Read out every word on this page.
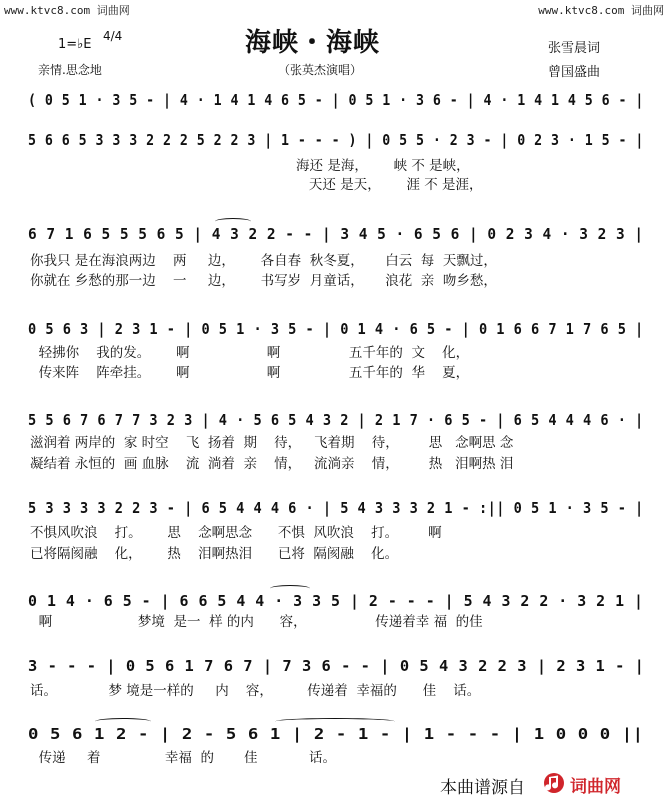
www.ktvc8.com 词曲网	www.ktvc8.com 词曲网
海峡・海峡
1=♭E
4/4
亲情.思念地	（张英杰演唱）
张雪晨词
曾国盛曲
( 0 5 1 · 3 5 - | 4 · 1 4 1 4 6 5 - | 0 5 1 · 3 6 - | 4 · 1 4 1 4 5 6 - |
5 6 6 5 3 3 3 2 2 2 5 2 2 3 | 1 - - - ) | 0 5 5 · 2 3 - | 0 2 3 · 1 5 - |
海还 是海，      峡 不 是峡，
天还 是天，      涯 不 是涯，
6 7 1 6 5 5 5 6 5 | 4 3 2 2 - - | 3 4 5 · 6 5 6 | 0 2 3 4 · 3 2 3 |
你我只 是在海浪两边    两     边，      各自春  秋冬夏，     白云  每  天飘过，
你就在 乡愁的那一边    一     边，      书写岁  月童话，     浪花  亲  吻乡愁，
0 5 6 3 | 2 3 1 - | 0 5 1 · 3 5 - | 0 1 4 · 6 5 - | 0 1 6 6 7 1 7 6 5 |
轻拂你    我的发。      啊                  啊                五千年的  文    化，
传来阵    阵牵挂。      啊                  啊                五千年的  华    夏，
5 5 6 7 6 7 7 3 2 3 | 4 · 5 6 5 4 3 2 | 2 1 7 · 6 5 - | 6 5 4 4 4 6 · |
滋润着 两岸的  家 时空    飞  扬着  期    待，   飞着期    待，       思   念啊思 念
凝结着 永恒的  画 血脉    流  淌着  亲    情，   流淌亲    情，       热   泪啊热 泪
5 3 3 3 3 2 2 3 - | 6 5 4 4 4 6 · | 5 4 3 3 3 2 1 - :|| 0 5 1 · 3 5 - |
不惧风吹浪    打。      思    念啊思念      不惧  风吹浪    打。       啊
已将隔阂融    化，      热    泪啊热泪      已将  隔阂融    化。
0 1 4 · 6 5 - | 6 6 5 4 4 · 3 3 5 | 2 - - - | 5 4 3 2 2 · 3 2 1 |
啊                    梦境  是一  样 的内      容，                传递着幸 福  的佳
3 - - - | 0 5 6 1 7 6 7 | 7 3 6 - - | 0 5 4 3 2 2 3 | 2 3 1 - |
话。            梦 境是一样的     内    容，        传递着  幸福的      佳    话。
0 5 6 1 2 - | 2 - 5 6 1 | 2 - 1 - | 1 - - - | 1 0 0 0 ||
传递     着               幸福  的       佳            话。
本曲谱源自	词曲网
